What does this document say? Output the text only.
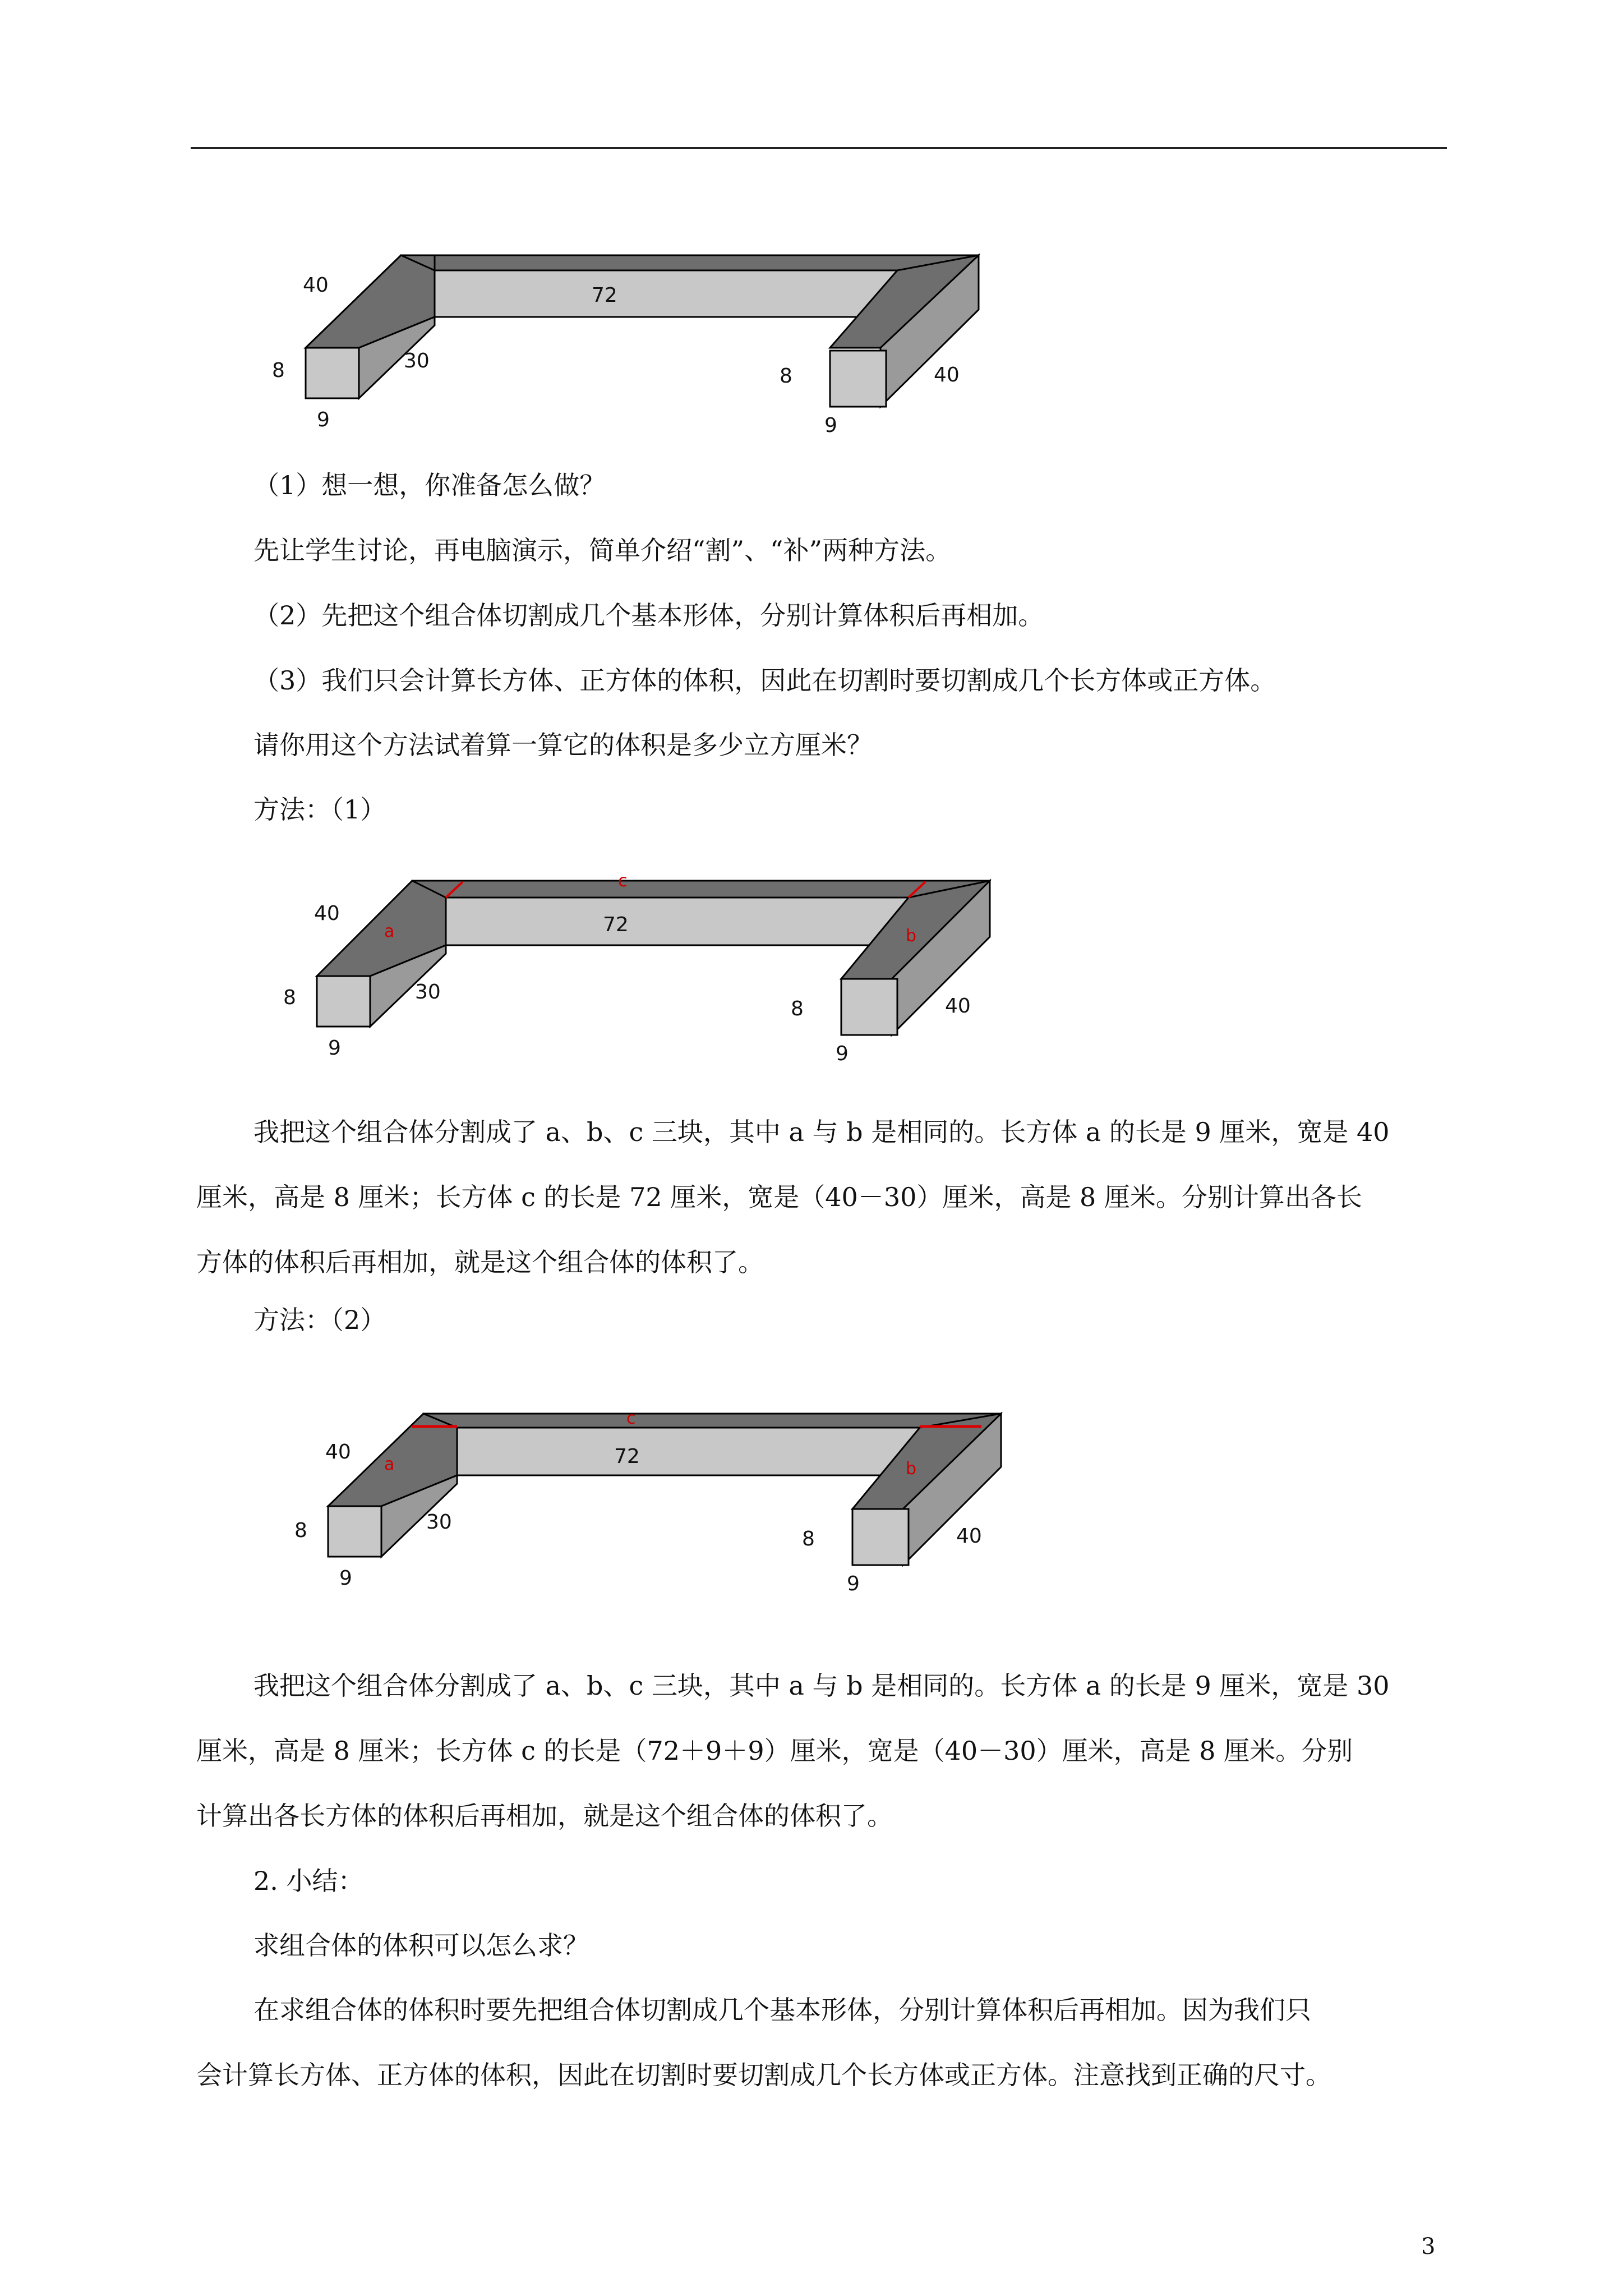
40
8	30
9
72
8	40
9

（1）想一想，你准备怎么做？

先让学生讨论，再电脑演示，简单介绍“割”、“补”两种方法。

（2）先把这个组合体切割成几个基本形体，分别计算体积后再相加。

（3）我们只会计算长方体、正方体的体积，因此在切割时要切割成几个长方体或正方体。

请你用这个方法试着算一算它的体积是多少立方厘米？

方法：（1）

a	b
c
40
8	30
9
72
8	40
9
我把这个组合体分割成了 a、b、c 三块，其中 a 与 b 是相同的。长方体 a 的长是 9 厘米，宽是 40
厘米，高是 8 厘米；长方体 c 的长是 72 厘米，宽是（40－30）厘米，高是 8 厘米。分别计算出各长
方体的体积后再相加，就是这个组合体的体积了。

方法：（2）

a	b
c
40
8	30
9
72
8	40
9
我把这个组合体分割成了 a、b、c 三块，其中 a 与 b 是相同的。长方体 a 的长是 9 厘米，宽是 30
厘米，高是 8 厘米；长方体 c 的长是（72＋9＋9）厘米，宽是（40－30）厘米，高是 8 厘米。分别
计算出各长方体的体积后再相加，就是这个组合体的体积了。

2. 小结：

求组合体的体积可以怎么求？

在求组合体的体积时要先把组合体切割成几个基本形体，分别计算体积后再相加。因为我们只
会计算长方体、正方体的体积，因此在切割时要切割成几个长方体或正方体。注意找到正确的尺寸。
3
